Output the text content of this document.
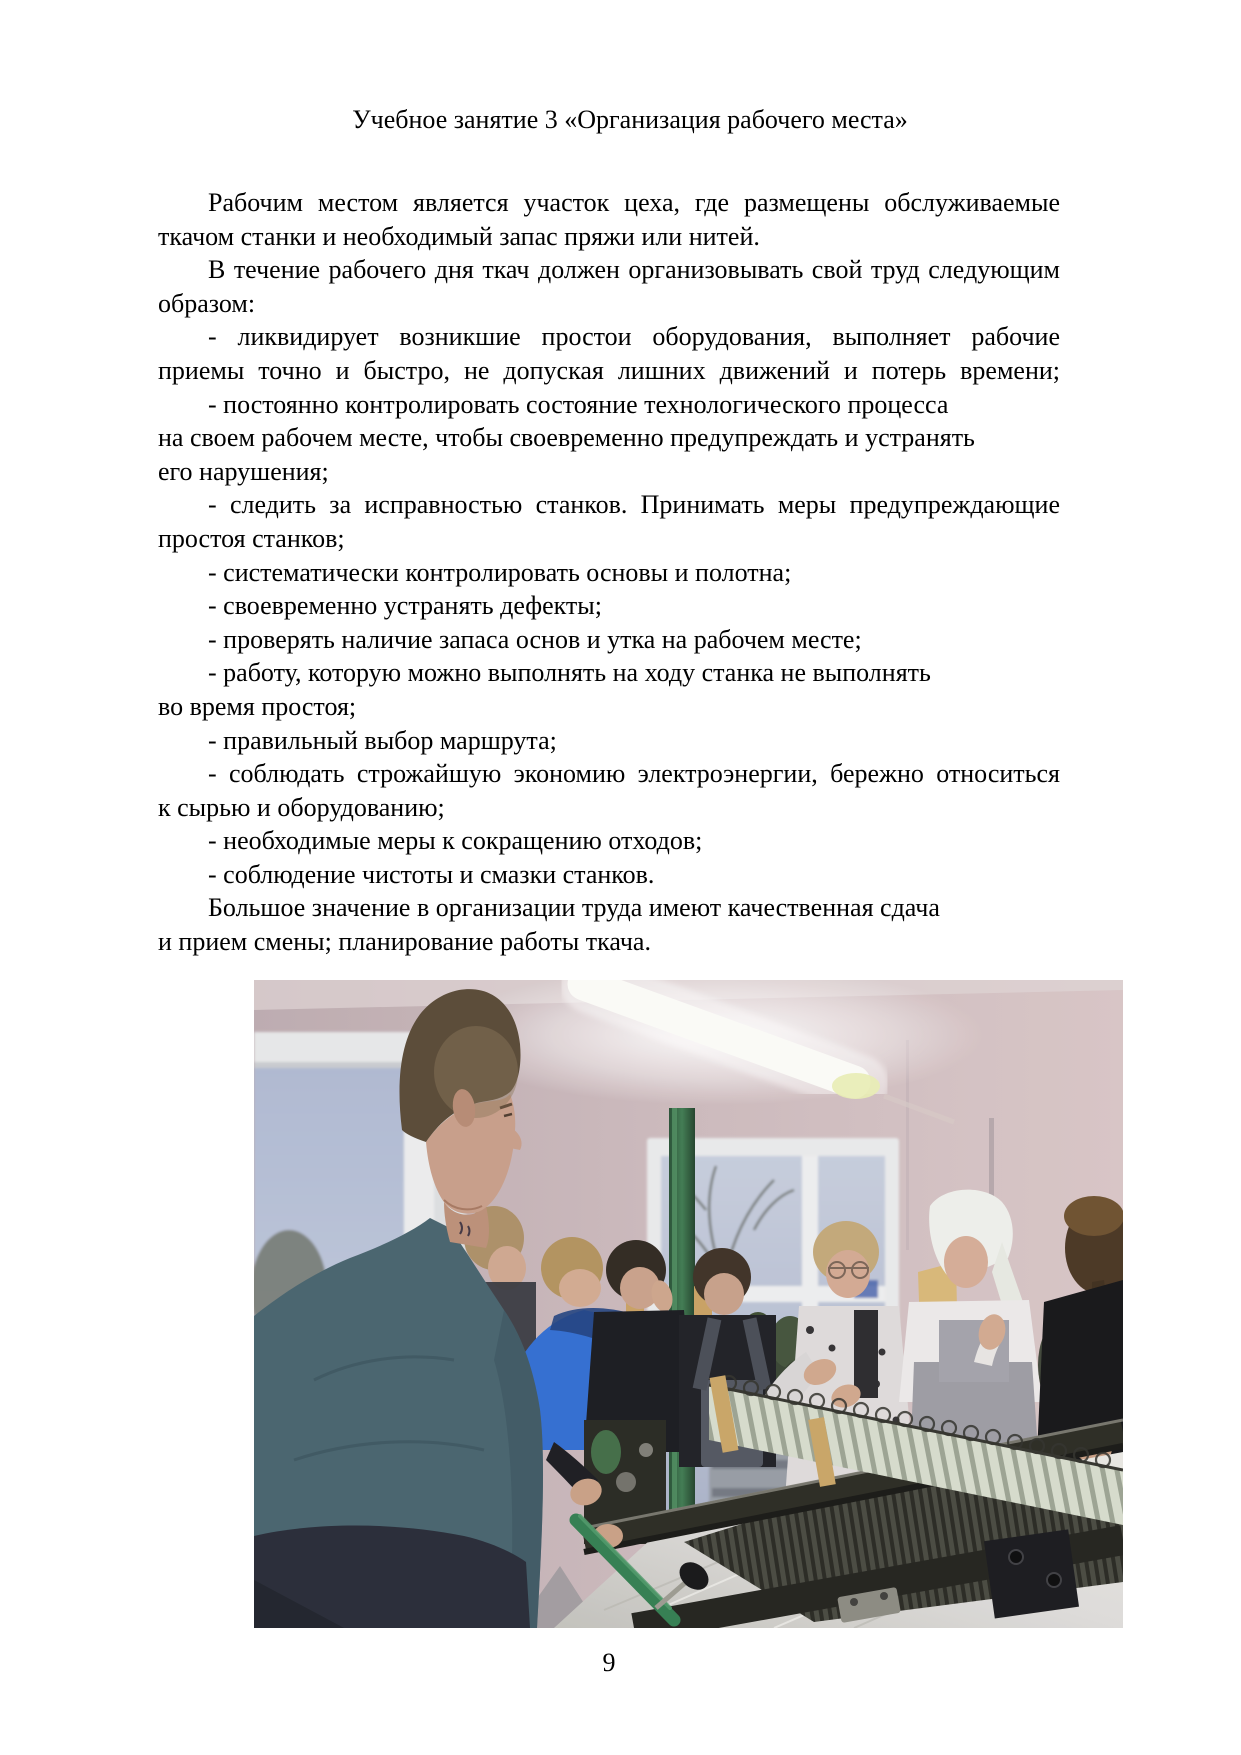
Учебное занятие 3 «Организация рабочего места»
Рабочим местом является участок цеха, где размещены обслуживаемые
ткачом станки и необходимый запас пряжи или нитей.
В течение рабочего дня ткач должен организовывать свой труд следующим
образом:
- ликвидирует возникшие простои оборудования, выполняет рабочие
приемы точно и быстро, не допуская лишних движений и потерь времени;
- постоянно контролировать состояние технологического процесса
на своем рабочем месте, чтобы своевременно предупреждать и устранять
его нарушения;
- следить за исправностью станков. Принимать меры предупреждающие
простоя станков;
- систематически контролировать основы и полотна;
- своевременно устранять дефекты;
- проверять наличие запаса основ и утка на рабочем месте;
- работу, которую можно выполнять на ходу станка не выполнять
во время простоя;
- правильный выбор маршрута;
- соблюдать строжайшую экономию электроэнергии, бережно относиться
к сырью и оборудованию;
- необходимые меры к сокращению отходов;
- соблюдение чистоты и смазки станков.
Большое значение в организации труда имеют качественная сдача
и прием смены; планирование работы ткача.
9
